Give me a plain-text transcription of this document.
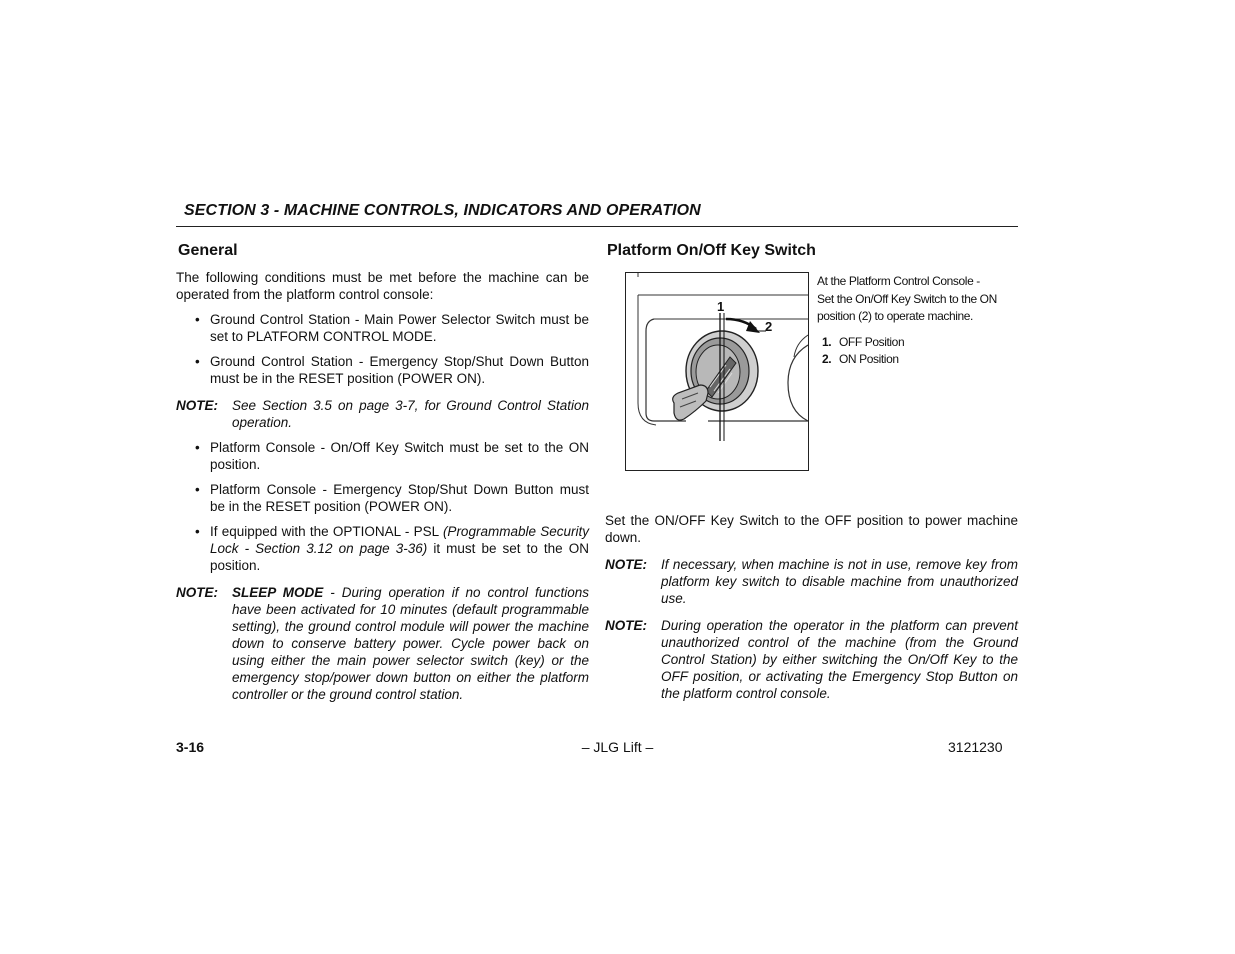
SECTION 3 - MACHINE CONTROLS, INDICATORS AND OPERATION
General

The following conditions must be met before the machine can be operated from the platform control console:

• Ground Control Station - Main Power Selector Switch must be set to PLATFORM CONTROL MODE.
• Ground Control Station - Emergency Stop/Shut Down Button must be in the RESET position (POWER ON).
NOTE:	See Section 3.5 on page 3-7, for Ground Control Station operation.
• Platform Console - On/Off Key Switch must be set to the ON position.
• Platform Console - Emergency Stop/Shut Down Button must be in the RESET position (POWER ON).
• If equipped with the OPTIONAL - PSL (Programmable Security Lock - Section 3.12 on page 3-36) it must be set to the ON position.
NOTE:	SLEEP MODE - During operation if no control functions have been activated for 10 minutes (default programmable setting), the ground control module will power the machine down to conserve battery power. Cycle power back on using either the main power selector switch (key) or the emergency stop/power down button on either the platform controller or the ground control station.
Platform On/Off Key Switch
1
2
At the Platform Control Console - Set the On/Off Key Switch to the ON position (2) to operate machine.
1. OFF Position
2. ON Position

Set the ON/OFF Key Switch to the OFF position to power machine down.

NOTE:	If necessary, when machine is not in use, remove key from platform key switch to disable machine from unauthorized use.
NOTE:	During operation the operator in the platform can prevent unauthorized control of the machine (from the Ground Control Station) by either switching the On/Off Key to the OFF position, or activating the Emergency Stop Button on the platform control console.
3-16	– JLG Lift –	3121230
